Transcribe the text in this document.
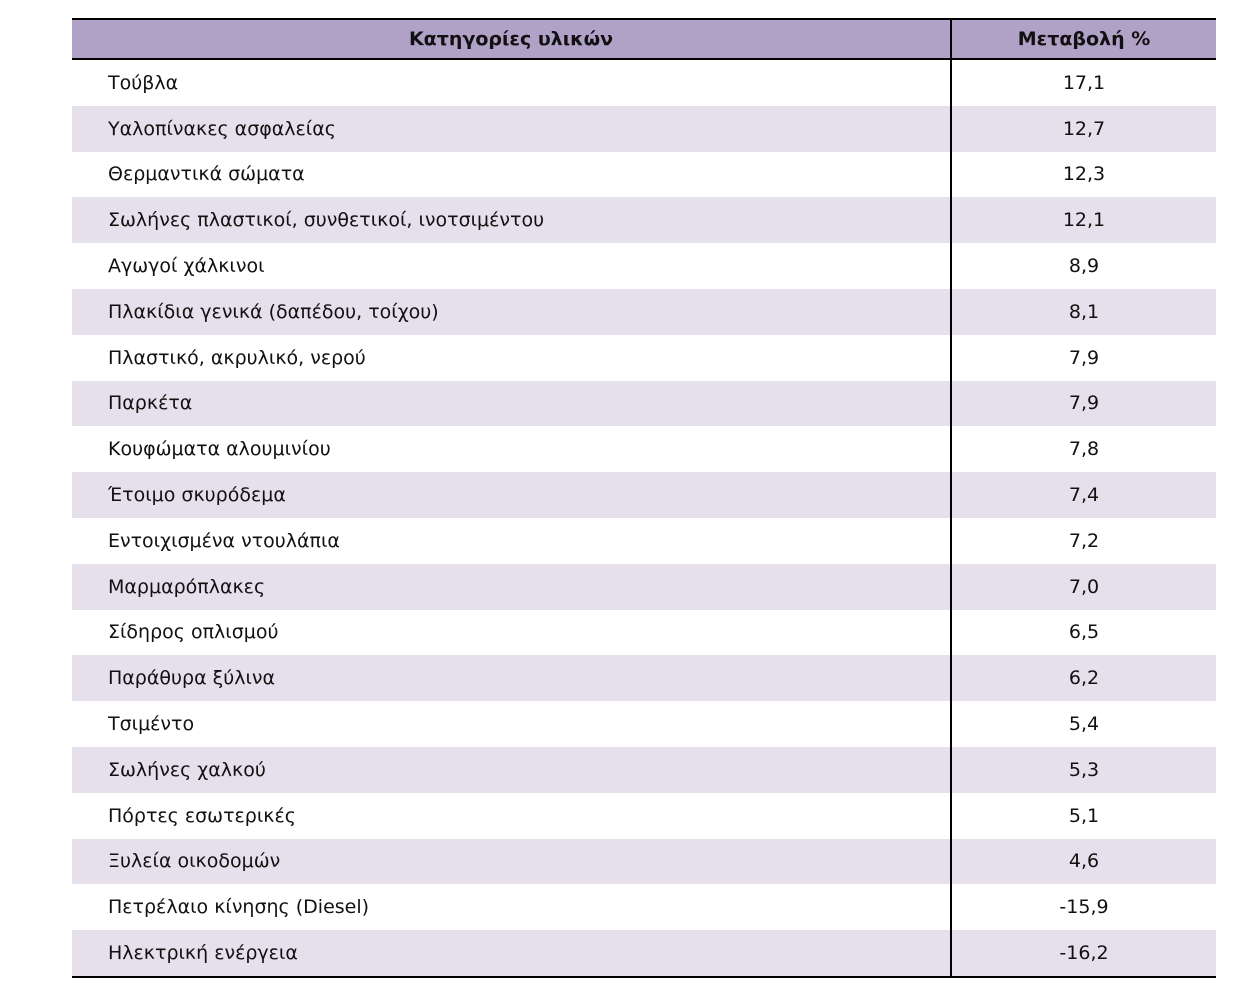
Κατηγορίες υλικών	Μεταβολή %
Τούβλα	17,1
Υαλοπίνακες ασφαλείας	12,7
Θερμαντικά σώματα	12,3
Σωλήνες πλαστικοί, συνθετικοί, ινοτσιμέντου	12,1
Αγωγοί χάλκινοι	8,9
Πλακίδια γενικά (δαπέδου, τοίχου)	8,1
Πλαστικό, ακρυλικό, νερού	7,9
Παρκέτα	7,9
Κουφώματα αλουμινίου	7,8
Έτοιμο σκυρόδεμα	7,4
Εντοιχισμένα ντουλάπια	7,2
Μαρμαρόπλακες	7,0
Σίδηρος οπλισμού	6,5
Παράθυρα ξύλινα	6,2
Τσιμέντο	5,4
Σωλήνες χαλκού	5,3
Πόρτες εσωτερικές	5,1
Ξυλεία οικοδομών	4,6
Πετρέλαιο κίνησης (Diesel)	-15,9
Ηλεκτρική ενέργεια	-16,2
